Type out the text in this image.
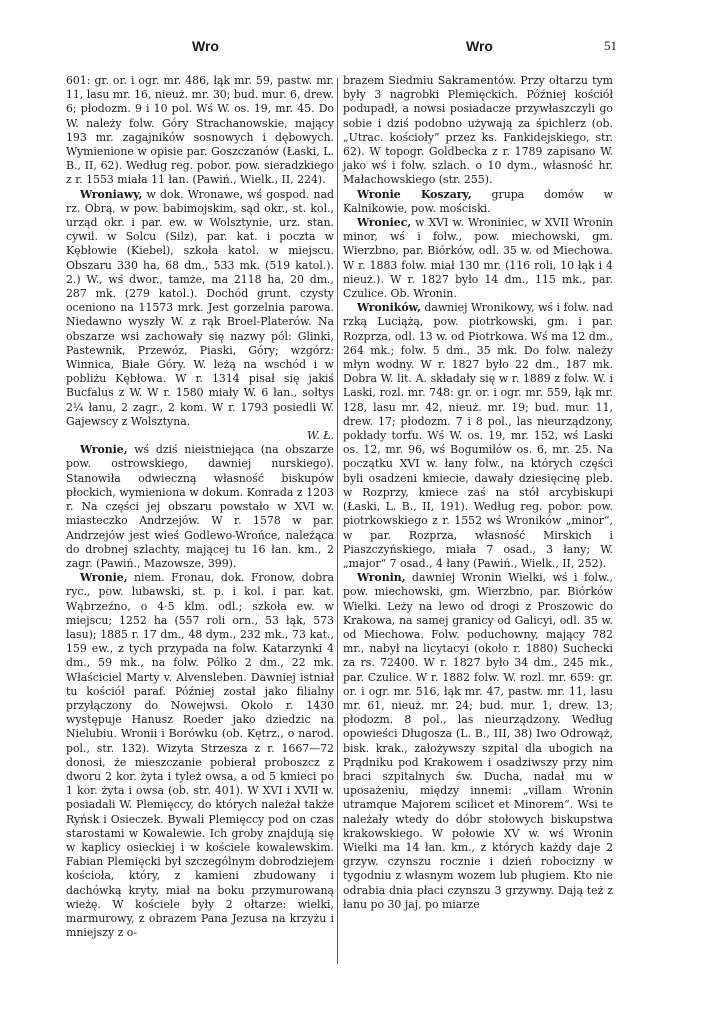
Wro	Wro	51

601: gr. or. i ogr. mr. 486, łąk mr. 59, pastw. mr. 11, lasu mr. 16, nieuż. mr. 30; bud. mur. 6, drew. 6; płodozm. 9 i 10 pol. Wś W. os. 19, mr. 45. Do W. należy folw. Góry Strachanowskie, mający 193 mr. zagajników sosnowych i dębowych. Wymienione w opisie par. Goszczanów (Łaski, L. B., II, 62). Według reg. pobor. pow. sieradzkiego z r. 1553 miała 11 łan. (Pawiń., Wielk., II, 224).

Wroniawy, w dok. Wronawe, wś gospod. nad rz. Obrą, w pow. babimojskim, sąd okr., st. kol., urząd okr. i par. ew. w Wolsztynie, urz. stan. cywil. w Solcu (Silz), par. kat. i poczta w Kębłowie (Kiebel), szkoła katol. w miejscu. Obszaru 330 ha, 68 dm., 533 mk. (519 katol.). 2.) W., wś dwor., tamże, ma 2118 ha, 20 dm., 287 mk. (279 katol.). Dochód grunt. czysty oceniono na 11573 mrk. Jest gorzelnia parowa. Niedawno wyszły W. z rąk Broel-Platerów. Na obszarze wsi zachowały się nazwy pól: Glinki, Pastewnik, Przewóz, Piaski, Góry; wzgórz: Winnica, Białe Góry. W. leżą na wschód i w pobliżu Kębłowa. W r. 1314 pisał się jakiś Bucfalus z W. W r. 1580 miały W. 6 łan., sołtys 2¼ łanu, 2 zagr., 2 kom. W r. 1793 posiedli W. Gajewscy z Wolsztyna.
W. Ł.

Wronie, wś dziś nieistniejąca (na obszarze pow. ostrowskiego, dawniej nurskiego). Stanowiła odwieczną własność biskupów płockich, wymieniona w dokum. Konrada z 1203 r. Na części jej obszaru powstało w XVI w. miasteczko Andrzejów. W r. 1578 w par. Andrzejów jest wieś Godlewo-Wrońce, należąca do drobnej szlachty, mającej tu 16 łan. km., 2 zagr. (Pawiń., Mazowsze, 399).

Wronie, niem. Fronau, dok. Fronow, dobra ryc., pow. lubawski, st. p. i kol. i par. kat. Wąbrzeźno, o 4·5 klm. odl.; szkoła ew. w miejscu; 1252 ha (557 roli orn., 53 łąk, 573 lasu); 1885 r. 17 dm., 48 dym., 232 mk., 73 kat., 159 ew., z tych przypada na folw. Katarzynki 4 dm., 59 mk., na folw. Pólko 2 dm., 22 mk. Właściciel Marty v. Alvensleben. Dawniej istniał tu kościół paraf. Później został jako filialny przyłączony do Nowejwsi. Około r. 1430 występuje Hanusz Roeder jako dziedzic na Nielubiu. Wronii i Borówku (ob. Kętrz., o narod. pol., str. 132). Wizyta Strzesza z r. 1667—72 donosi, że mieszczanie pobierał proboszcz z dworu 2 kor. żyta i tyleż owsa, a od 5 kmieci po 1 kor. żyta i owsa (ob. str. 401). W XVI i XVII w. posiadali W. Plemięccy, do których należał także Ryńsk i Osieczek. Bywali Plemięccy pod on czas starostami w Kowalewie. Ich groby znajdują się w kaplicy osieckiej i w kościele kowalewskim. Fabian Plemięcki był szczególnym dobrodziejem kościoła, który, z kamieni zbudowany i dachówką kryty, miał na boku przymurowaną wieżę. W kościele były 2 ołtarze: wielki, marmurowy, z obrazem Pana Jezusa na krzyżu i mniejszy z o-

brazem Siedmiu Sakramentów. Przy ołtarzu tym były 3 nagrobki Plemięckich. Później kościół podupadł, a nowsi posiadacze przywłaszczyli go sobie i dziś podobno używają za śpichlerz (ob. „Utrac. kościoły“ przez ks. Fankidejskiego, str. 62). W topogr. Goldbecka z r. 1789 zapisano W. jako wś i folw. szlach. o 10 dym., własność hr. Małachowskiego (str. 255).

Wronie Koszary, grupa domów w Kalnikowie, pow. mościski.

Wroniec, w XVI w. Wroniniec, w XVII Wronin minor, wś i folw., pow. miechowski, gm. Wierzbno, par. Biórków, odl. 35 w. od Miechowa. W r. 1883 folw. miał 130 mr. (116 roli, 10 łąk i 4 nieuż.). W r. 1827 było 14 dm., 115 mk., par. Czulice. Ob. Wronin.

Wroników, dawniej Wronikowy, wś i folw. nad rzką Luciążą, pow. piotrkowski, gm. i par. Rozprza, odl. 13 w. od Piotrkowa. Wś ma 12 dm., 264 mk.; folw. 5 dm., 35 mk. Do folw. należy młyn wodny. W r. 1827 było 22 dm., 187 mk. Dobra W. lit. A. składały się w r. 1889 z folw. W. i Laski, rozl. mr. 748: gr. or. i ogr. mr. 559, łąk mr. 128, lasu mr. 42, nieuż. mr. 19; bud. mur. 11, drew. 17; płodozm. 7 i 8 pol., las nieurządzony, pokłady torfu. Wś W. os. 19, mr. 152, wś Laski os. 12, mr. 96, wś Bogumiłów os. 6, mr. 25. Na początku XVI w. łany folw., na których części byli osadzeni kmiecie, dawały dziesięcinę pleb. w Rozprzy, kmiece zaś na stół arcybiskupi (Łaski, L. B., II, 191). Według reg. pobor. pow. piotrkowskiego z r. 1552 wś Wroników „minor“, w par. Rozprza, własność Mirskich i Piaszczyńskiego, miała 7 osad., 3 łany; W. „major“ 7 osad., 4 łany (Pawiń., Wielk., II, 252).

Wronin, dawniej Wronin Wielki, wś i folw., pow. miechowski, gm. Wierzbno, par. Biórków Wielki. Leży na lewo od drogi z Proszowic do Krakowa, na samej granicy od Galicyi, odl. 35 w. od Miechowa. Folw. poduchowny, mający 782 mr., nabył na licytacyi (około r. 1880) Suchecki za rs. 72400. W r. 1827 było 34 dm., 245 mk., par. Czulice. W r. 1882 folw. W. rozl. mr. 659: gr. or. i ogr. mr. 516, łąk mr. 47, pastw. mr. 11, lasu mr. 61, nieuż. mr. 24; bud. mur. 1, drew. 13; płodozm. 8 pol., las nieurządzony. Według opowieści Długosza (L. B., III, 38) Iwo Odrowąż, bisk. krak., założywszy szpital dla ubogich na Prądniku pod Krakowem i osadziwszy przy nim braci szpitalnych św. Ducha, nadał mu w uposażeniu, między innemi: „villam Wronin utramque Majorem scilicet et Minorem“. Wsi te należały wtedy do dóbr stołowych biskupstwa krakowskiego. W połowie XV w. wś Wronin Wielki ma 14 łan. km., z których każdy daje 2 grzyw. czynszu rocznie i dzień robocizny w tygodniu z własnym wozem lub pługiem. Kto nie odrabia dnia płaci czynszu 3 grzywny. Dają też z łanu po 30 jaj, po miarze
